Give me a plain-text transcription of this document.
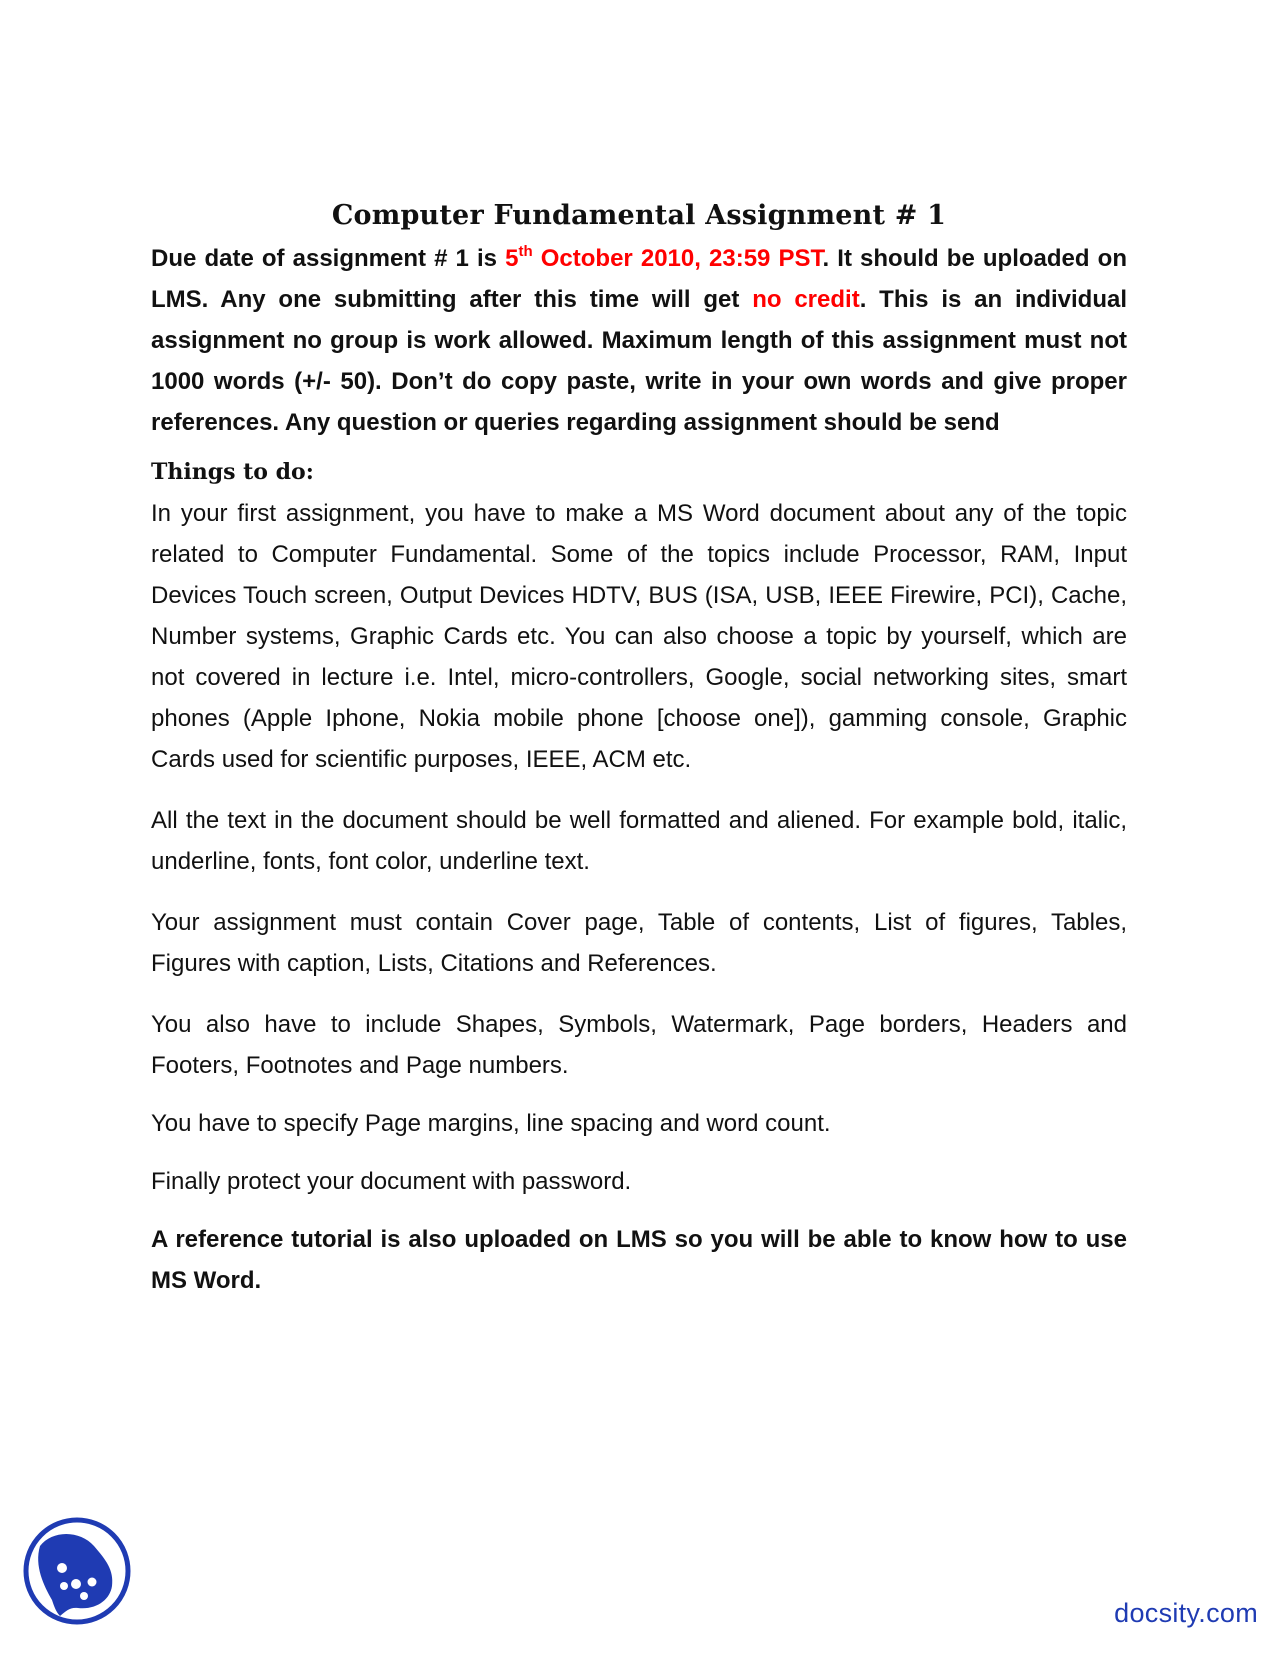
Computer Fundamental Assignment # 1

Due date of assignment # 1 is 5th October 2010, 23:59 PST. It should be uploaded on LMS. Any one submitting after this time will get no credit. This is an individual assignment no group is work allowed. Maximum length of this assignment must not 1000 words (+/- 50). Don’t do copy paste, write in your own words and give proper references. Any question or queries regarding assignment should be send

Things to do:

In your first assignment, you have to make a MS Word document about any of the topic related to Computer Fundamental. Some of the topics include Processor, RAM, Input Devices Touch screen, Output Devices HDTV, BUS (ISA, USB, IEEE Firewire, PCI), Cache, Number systems, Graphic Cards etc. You can also choose a topic by yourself, which are not covered in lecture i.e. Intel, micro-controllers, Google, social networking sites, smart phones (Apple Iphone, Nokia mobile phone [choose one]), gamming console, Graphic Cards used for scientific purposes, IEEE, ACM etc.

All the text in the document should be well formatted and aliened. For example bold, italic, underline, fonts, font color, underline text.

Your assignment must contain Cover page, Table of contents, List of figures, Tables, Figures with caption, Lists, Citations and References.

You also have to include Shapes, Symbols, Watermark, Page borders, Headers and Footers, Footnotes and Page numbers.

You have to specify Page margins, line spacing and word count.

Finally protect your document with password.

A reference tutorial is also uploaded on LMS so you will be able to know how to use MS Word.

docsity.com
